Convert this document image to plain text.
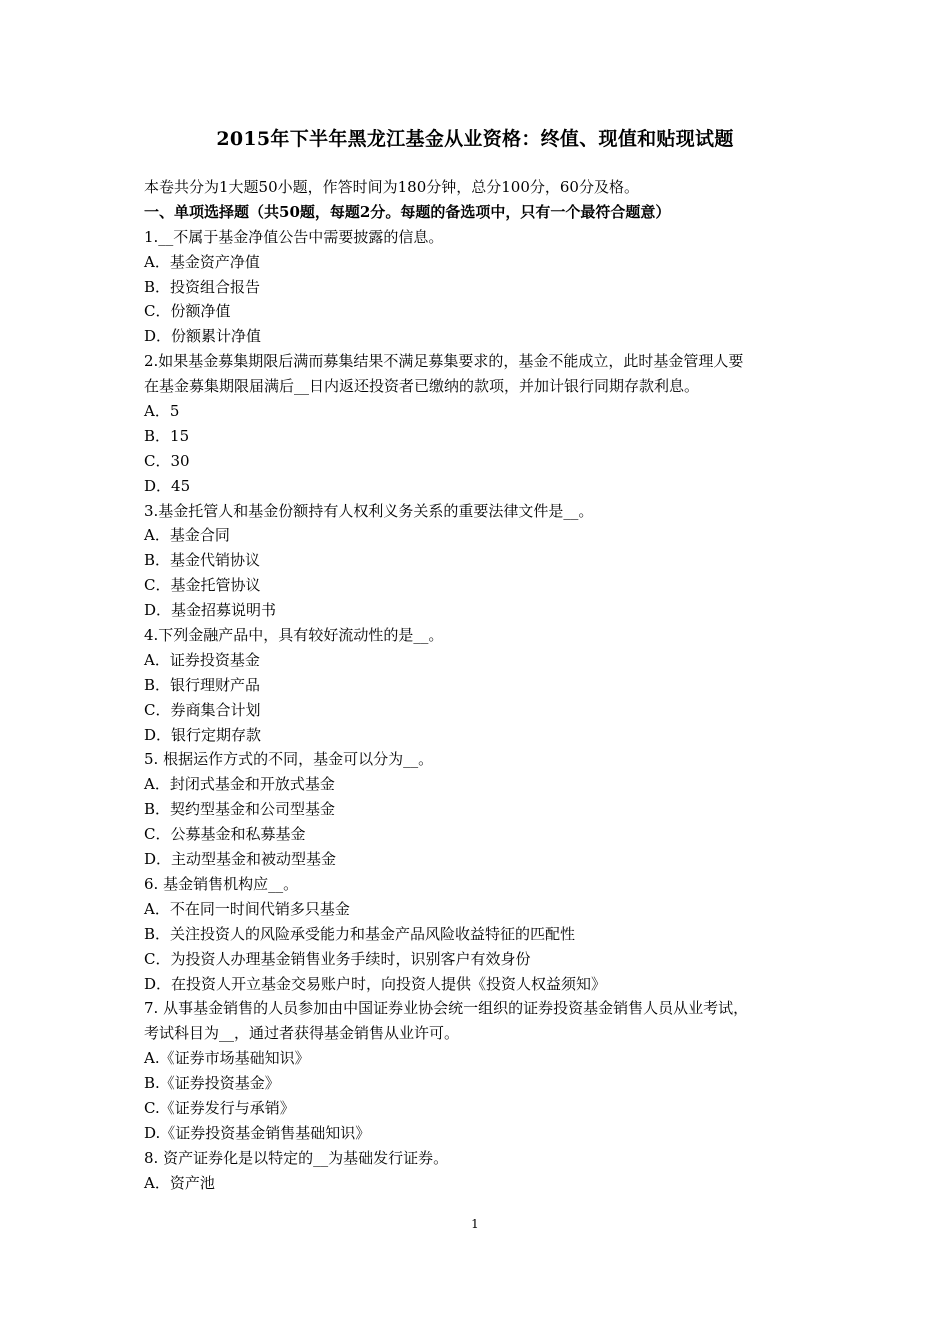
2015年下半年黑龙江基金从业资格：终值、现值和贴现试题
本卷共分为1大题50小题，作答时间为180分钟，总分100分，60分及格。
一、单项选择题（共50题，每题2分。每题的备选项中，只有一个最符合题意）
1.__不属于基金净值公告中需要披露的信息。
A．基金资产净值
B．投资组合报告
C．份额净值
D．份额累计净值
2.如果基金募集期限后满而募集结果不满足募集要求的，基金不能成立，此时基金管理人要
在基金募集期限届满后__日内返还投资者已缴纳的款项，并加计银行同期存款利息。
A．5
B．15
C．30
D．45
3.基金托管人和基金份额持有人权利义务关系的重要法律文件是__。
A．基金合同
B．基金代销协议
C．基金托管协议
D．基金招募说明书
4.下列金融产品中，具有较好流动性的是__。
A．证券投资基金
B．银行理财产品
C．券商集合计划
D．银行定期存款
5. 根据运作方式的不同，基金可以分为__。
A．封闭式基金和开放式基金
B．契约型基金和公司型基金
C．公募基金和私募基金
D．主动型基金和被动型基金
6. 基金销售机构应__。
A．不在同一时间代销多只基金
B．关注投资人的风险承受能力和基金产品风险收益特征的匹配性
C．为投资人办理基金销售业务手续时，识别客户有效身份
D．在投资人开立基金交易账户时，向投资人提供《投资人权益须知》
7. 从事基金销售的人员参加由中国证券业协会统一组织的证券投资基金销售人员从业考试，
考试科目为__，通过者获得基金销售从业许可。
A.《证券市场基础知识》
B.《证券投资基金》
C.《证券发行与承销》
D.《证券投资基金销售基础知识》
8. 资产证券化是以特定的__为基础发行证券。
A．资产池
1
